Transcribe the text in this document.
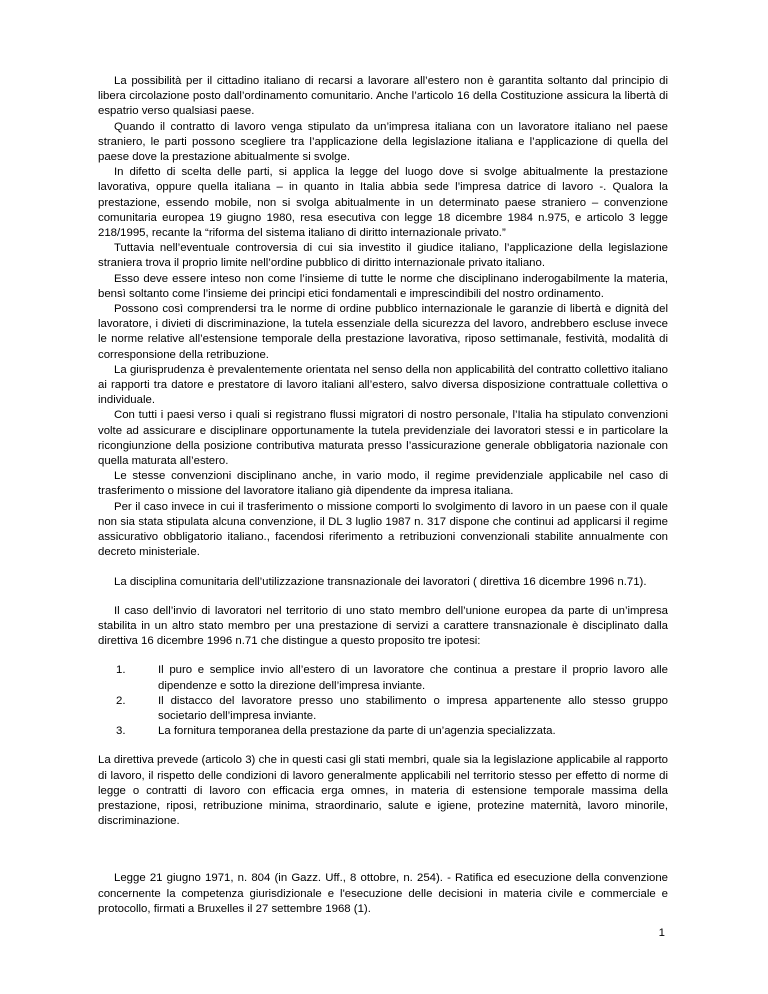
La possibilità per il cittadino italiano di recarsi a lavorare all’estero non è garantita soltanto dal principio di libera circolazione posto dall’ordinamento comunitario. Anche l’articolo 16 della Costituzione assicura la libertà di espatrio verso qualsiasi paese.

Quando il contratto di lavoro venga stipulato da un’impresa italiana con un lavoratore italiano nel paese straniero, le parti possono scegliere tra l’applicazione della legislazione italiana e l’applicazione di quella del paese dove la prestazione abitualmente si svolge.

In difetto di scelta delle parti, si applica la legge del luogo dove si svolge abitualmente la prestazione lavorativa, oppure quella italiana – in quanto in Italia abbia sede l’impresa datrice di lavoro -. Qualora la prestazione, essendo mobile, non si svolga abitualmente in un determinato paese straniero – convenzione comunitaria europea 19 giugno 1980, resa esecutiva con legge 18 dicembre 1984 n.975, e articolo 3 legge 218/1995, recante la “riforma del sistema italiano di diritto internazionale privato.”

Tuttavia nell’eventuale controversia di cui sia investito il giudice italiano, l’applicazione della legislazione straniera trova il proprio limite nell’ordine pubblico di diritto internazionale privato italiano.

Esso deve essere inteso non come l’insieme di tutte le norme che disciplinano inderogabilmente la materia, bensì soltanto come l’insieme dei principi etici fondamentali e imprescindibili del nostro ordinamento.

Possono così comprendersi tra le norme di ordine pubblico internazionale le garanzie di libertà e dignità del lavoratore, i divieti di discriminazione, la tutela essenziale della sicurezza del lavoro, andrebbero escluse invece le norme relative all’estensione temporale della prestazione lavorativa, riposo settimanale, festività, modalità di corresponsione della retribuzione.

La giurisprudenza è prevalentemente orientata nel senso della non applicabilità del contratto collettivo italiano ai rapporti tra datore e prestatore di lavoro italiani all’estero, salvo diversa disposizione contrattuale collettiva o individuale.

Con tutti i paesi verso i quali si registrano flussi migratori di nostro personale, l’Italia ha stipulato convenzioni volte ad assicurare e disciplinare opportunamente la tutela previdenziale dei lavoratori stessi e in particolare la ricongiunzione della posizione contributiva maturata presso l’assicurazione generale obbligatoria nazionale con quella maturata all’estero.

Le stesse convenzioni disciplinano anche, in vario modo, il regime previdenziale applicabile nel caso di trasferimento o missione del lavoratore italiano già dipendente da impresa italiana.

Per il caso invece in cui il trasferimento o missione comporti lo svolgimento di lavoro in un paese con il quale non sia stata stipulata alcuna convenzione, il DL 3 luglio 1987 n. 317 dispone che continui ad applicarsi il regime assicurativo obbligatorio italiano., facendosi riferimento a retribuzioni convenzionali stabilite annualmente con decreto ministeriale.

La disciplina comunitaria dell’utilizzazione transnazionale dei lavoratori ( direttiva 16 dicembre 1996 n.71).

Il caso dell’invio di lavoratori nel territorio di uno stato membro dell’unione europea da parte di un’impresa stabilita in un altro stato membro per una prestazione di servizi a carattere transnazionale è disciplinato dalla direttiva 16 dicembre 1996 n.71 che distingue a questo proposito tre ipotesi:

1.	Il puro e semplice invio all’estero di un lavoratore che continua a prestare il proprio lavoro alle dipendenze e sotto la direzione dell’impresa inviante.
2.	Il distacco del lavoratore presso uno stabilimento o impresa appartenente allo stesso gruppo societario dell’impresa inviante.
3.	La fornitura temporanea della prestazione da parte di un’agenzia specializzata.

La direttiva prevede (articolo 3) che in questi casi gli stati membri, quale sia la legislazione applicabile al rapporto di lavoro, il rispetto delle condizioni di lavoro generalmente applicabili nel territorio stesso per effetto di norme di legge o contratti di lavoro con efficacia erga omnes, in materia di estensione temporale massima della prestazione, riposi, retribuzione minima, straordinario, salute e igiene, protezine maternità, lavoro minorile, discriminazione.

Legge 21 giugno 1971, n. 804 (in Gazz. Uff., 8 ottobre, n. 254). - Ratifica ed esecuzione della convenzione concernente la competenza giurisdizionale e l'esecuzione delle decisioni in materia civile e commerciale e protocollo, firmati a Bruxelles il 27 settembre 1968 (1).

1
